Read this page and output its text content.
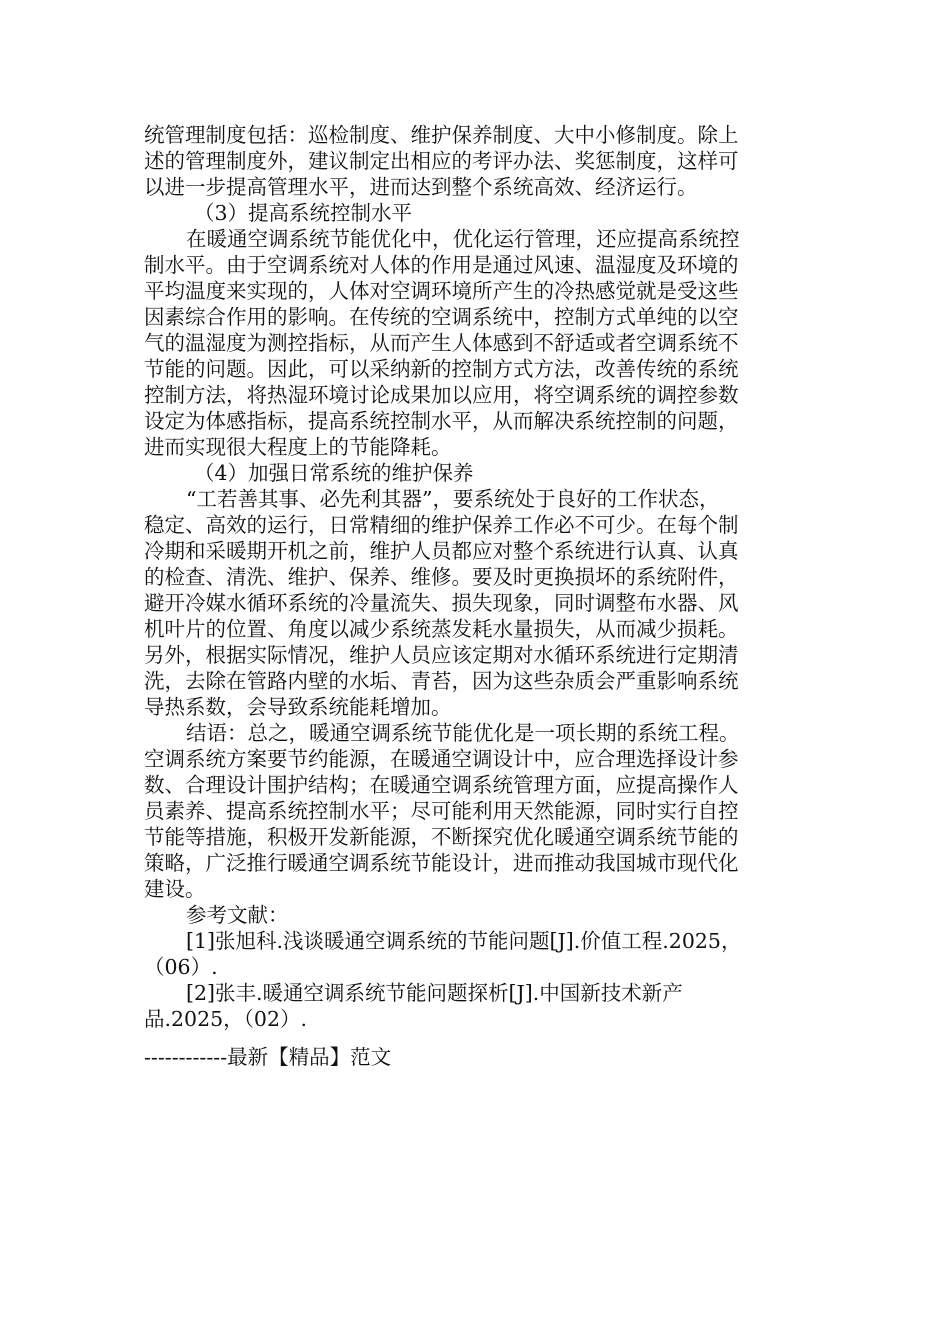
统管理制度包括：巡检制度、维护保养制度、大中小修制度。除上
述的管理制度外，建议制定出相应的考评办法、奖惩制度，这样可
以进一步提高管理水平，进而达到整个系统高效、经济运行。
（3）提高系统控制水平
在暖通空调系统节能优化中，优化运行管理，还应提高系统控
制水平。由于空调系统对人体的作用是通过风速、温湿度及环境的
平均温度来实现的，人体对空调环境所产生的冷热感觉就是受这些
因素综合作用的影响。在传统的空调系统中，控制方式单纯的以空
气的温湿度为测控指标，从而产生人体感到不舒适或者空调系统不
节能的问题。因此，可以采纳新的控制方式方法，改善传统的系统
控制方法，将热湿环境讨论成果加以应用，将空调系统的调控参数
设定为体感指标，提高系统控制水平，从而解决系统控制的问题，
进而实现很大程度上的节能降耗。
（4）加强日常系统的维护保养
“工若善其事、必先利其器”，要系统处于良好的工作状态，
稳定、高效的运行，日常精细的维护保养工作必不可少。在每个制
冷期和采暖期开机之前，维护人员都应对整个系统进行认真、认真
的检查、清洗、维护、保养、维修。要及时更换损坏的系统附件，
避开冷媒水循环系统的冷量流失、损失现象，同时调整布水器、风
机叶片的位置、角度以减少系统蒸发耗水量损失，从而减少损耗。
另外，根据实际情况，维护人员应该定期对水循环系统进行定期清
洗，去除在管路内壁的水垢、青苔，因为这些杂质会严重影响系统
导热系数，会导致系统能耗增加。
结语：总之，暖通空调系统节能优化是一项长期的系统工程。
空调系统方案要节约能源，在暖通空调设计中，应合理选择设计参
数、合理设计围护结构；在暖通空调系统管理方面，应提高操作人
员素养、提高系统控制水平；尽可能利用天然能源，同时实行自控
节能等措施，积极开发新能源，不断探究优化暖通空调系统节能的
策略，广泛推行暖通空调系统节能设计，进而推动我国城市现代化
建设。
参考文献：
[1]张旭科.浅谈暖通空调系统的节能问题[J].价值工程.2025，
（06）.
[2]张丰.暖通空调系统节能问题探析[J].中国新技术新产
品.2025，（02）.
------------最新【精品】范文
